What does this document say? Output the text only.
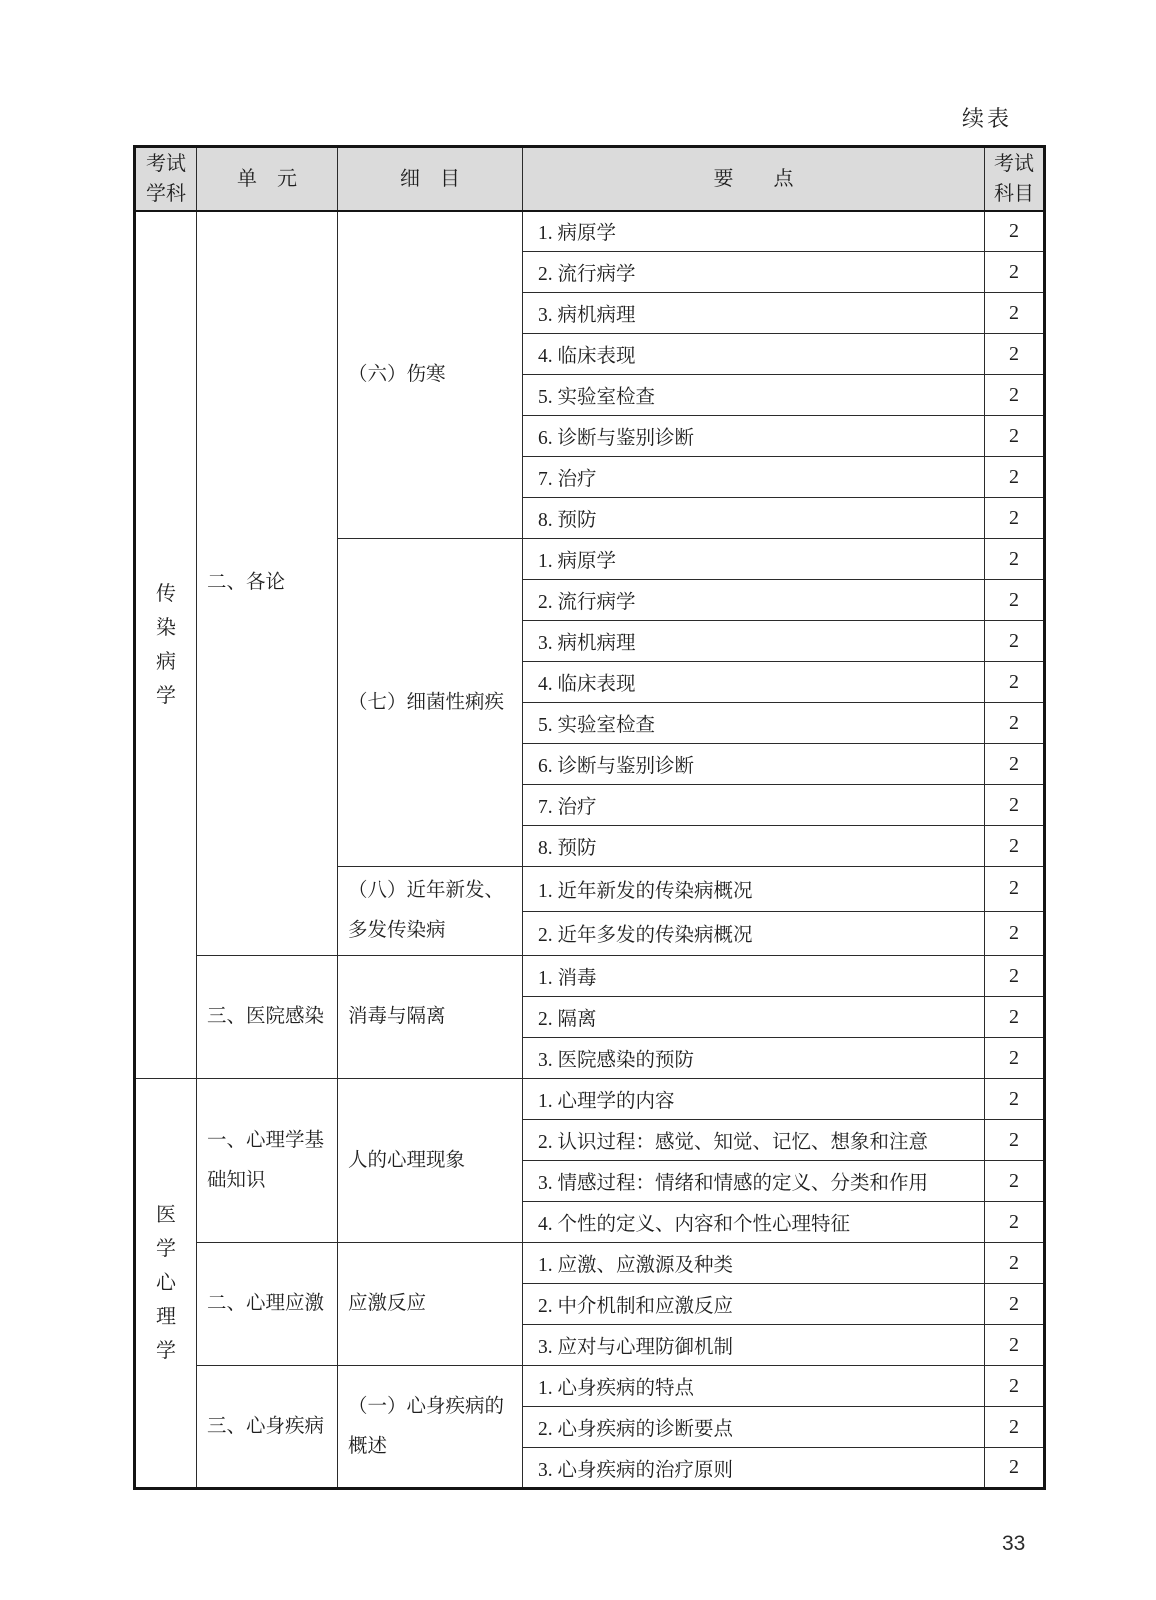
续表
考试学科	单　元	细　目	要　　点	考试科目

传染病学	二、各论	（六）伤寒	1. 病原学	2
			2. 流行病学	2
			3. 病机病理	2
			4. 临床表现	2
			5. 实验室检查	2
			6. 诊断与鉴别诊断	2
			7. 治疗	2
			8. 预防	2
		（七）细菌性痢疾	1. 病原学	2
			2. 流行病学	2
			3. 病机病理	2
			4. 临床表现	2
			5. 实验室检查	2
			6. 诊断与鉴别诊断	2
			7. 治疗	2
			8. 预防	2
		（八）近年新发、多发传染病	1. 近年新发的传染病概况	2
			2. 近年多发的传染病概况	2
	三、医院感染	消毒与隔离	1. 消毒	2
			2. 隔离	2
			3. 医院感染的预防	2

医学心理学	一、心理学基础知识	人的心理现象	1. 心理学的内容	2
			2. 认识过程：感觉、知觉、记忆、想象和注意	2
			3. 情感过程：情绪和情感的定义、分类和作用	2
			4. 个性的定义、内容和个性心理特征	2
	二、心理应激	应激反应	1. 应激、应激源及种类	2
			2. 中介机制和应激反应	2
			3. 应对与心理防御机制	2
	三、心身疾病	（一）心身疾病的概述	1. 心身疾病的特点	2
			2. 心身疾病的诊断要点	2
			3. 心身疾病的治疗原则	2
33
